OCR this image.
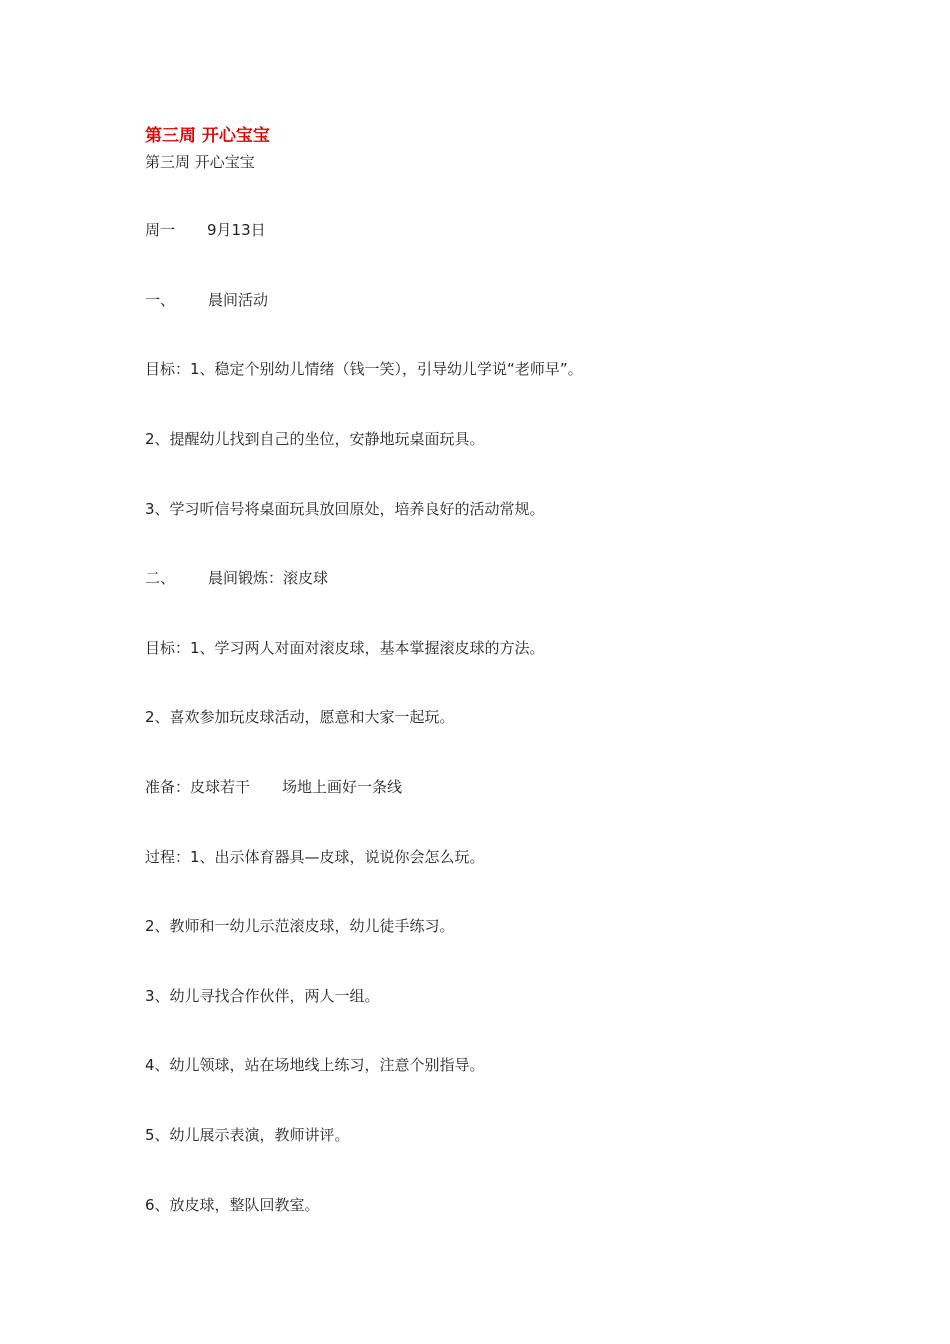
第三周 开心宝宝
第三周 开心宝宝
周一 9月13日
一、 晨间活动
目标：1、稳定个别幼儿情绪（钱一笑），引导幼儿学说“老师早”。
2、提醒幼儿找到自己的坐位，安静地玩桌面玩具。
3、学习听信号将桌面玩具放回原处，培养良好的活动常规。
二、 晨间锻炼：滚皮球
目标：1、学习两人对面对滚皮球，基本掌握滚皮球的方法。
2、喜欢参加玩皮球活动，愿意和大家一起玩。
准备：皮球若干 场地上画好一条线
过程：1、出示体育器具—皮球，说说你会怎么玩。
2、教师和一幼儿示范滚皮球，幼儿徒手练习。
3、幼儿寻找合作伙伴，两人一组。
4、幼儿领球，站在场地线上练习，注意个别指导。
5、幼儿展示表演，教师讲评。
6、放皮球，整队回教室。
